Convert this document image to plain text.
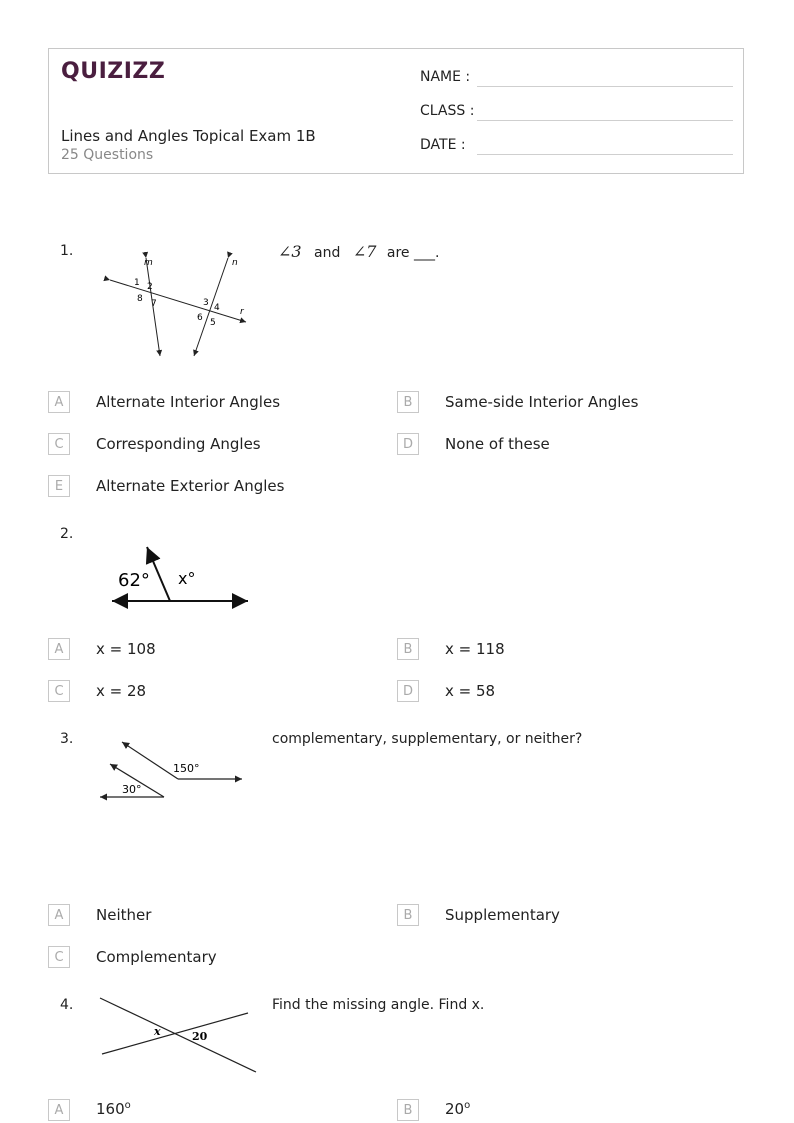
QUIZIZZ
Lines and Angles Topical Exam 1B
25 Questions
NAME :
CLASS :
DATE :
1.
m	n
r
1 2
8 7	3 4
6 5
∠3 and ∠7 are ___.
A	Alternate Interior Angles	B	Same-side Interior Angles
C	Corresponding Angles	D	None of these
E	Alternate Exterior Angles
2.
62° x°
A	x = 108	B	x = 118
C	x = 28	D	x = 58
3.
150°
30°
complementary, supplementary, or neither?
A	Neither	B	Supplementary
C	Complementary
4.
x	20
Find the missing angle. Find x.
A	160$^o$	B	20$^o$
